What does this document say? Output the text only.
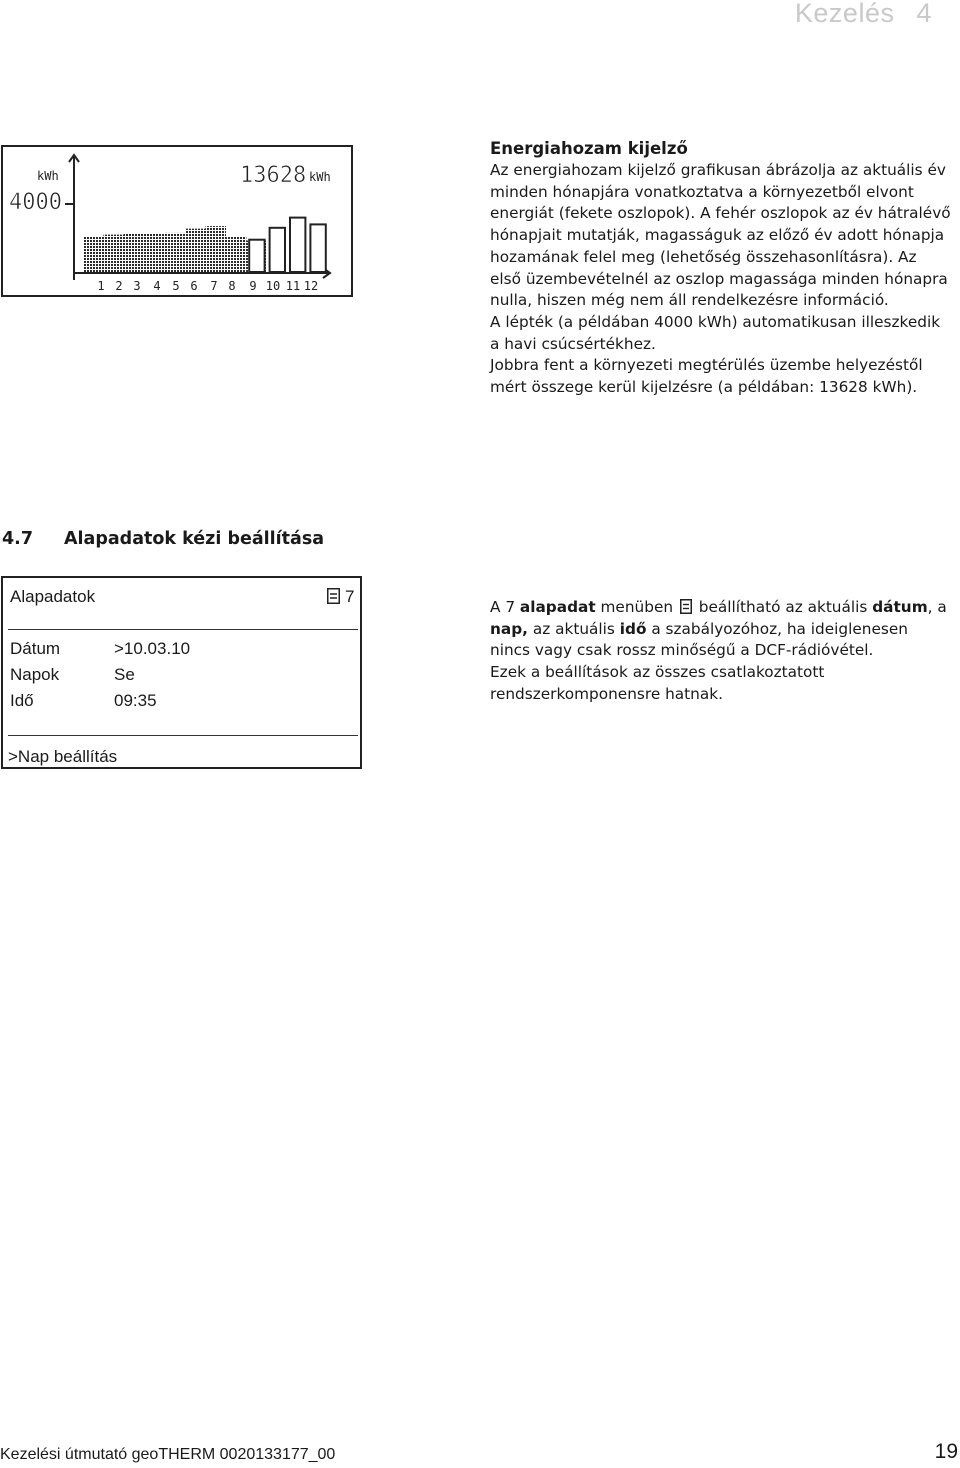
Kezelés 4
kWh
4000
13628 kWh
1 2 3 4 5 6 7 8 9 10 11 12
Energiahozam kijelző

Az energiahozam kijelző grafikusan ábrázolja az aktuális év minden hónapjára vonatkoztatva a környezetből elvont energiát (fekete oszlopok). A fehér oszlopok az év hátralévő hónapjait mutatják, magasságuk az előző év adott hónapja hozamának felel meg (lehetőség összehasonlításra). Az első üzembevételnél az oszlop magassága minden hónapra nulla, hiszen még nem áll rendelkezésre információ.

A lépték (a példában 4000 kWh) automatikusan illeszkedik a havi csúcsértékhez.

Jobbra fent a környezeti megtérülés üzembe helyezéstől mért összege kerül kijelzésre (a példában: 13628 kWh).

4.7 Alapadatok kézi beállítása
Alapadatok	7
Dátum	>10.03.10
Napok	Se
Idő	09:35
>Nap beállítás

A 7 alapadat menüben  beállítható az aktuális dátum, a nap, az aktuális idő a szabályozóhoz, ha ideiglenesen nincs vagy csak rossz minőségű a DCF-rádióvétel.

Ezek a beállítások az összes csatlakoztatott rendszerkomponensre hatnak.

Kezelési útmutató geoTHERM 0020133177_00	19
